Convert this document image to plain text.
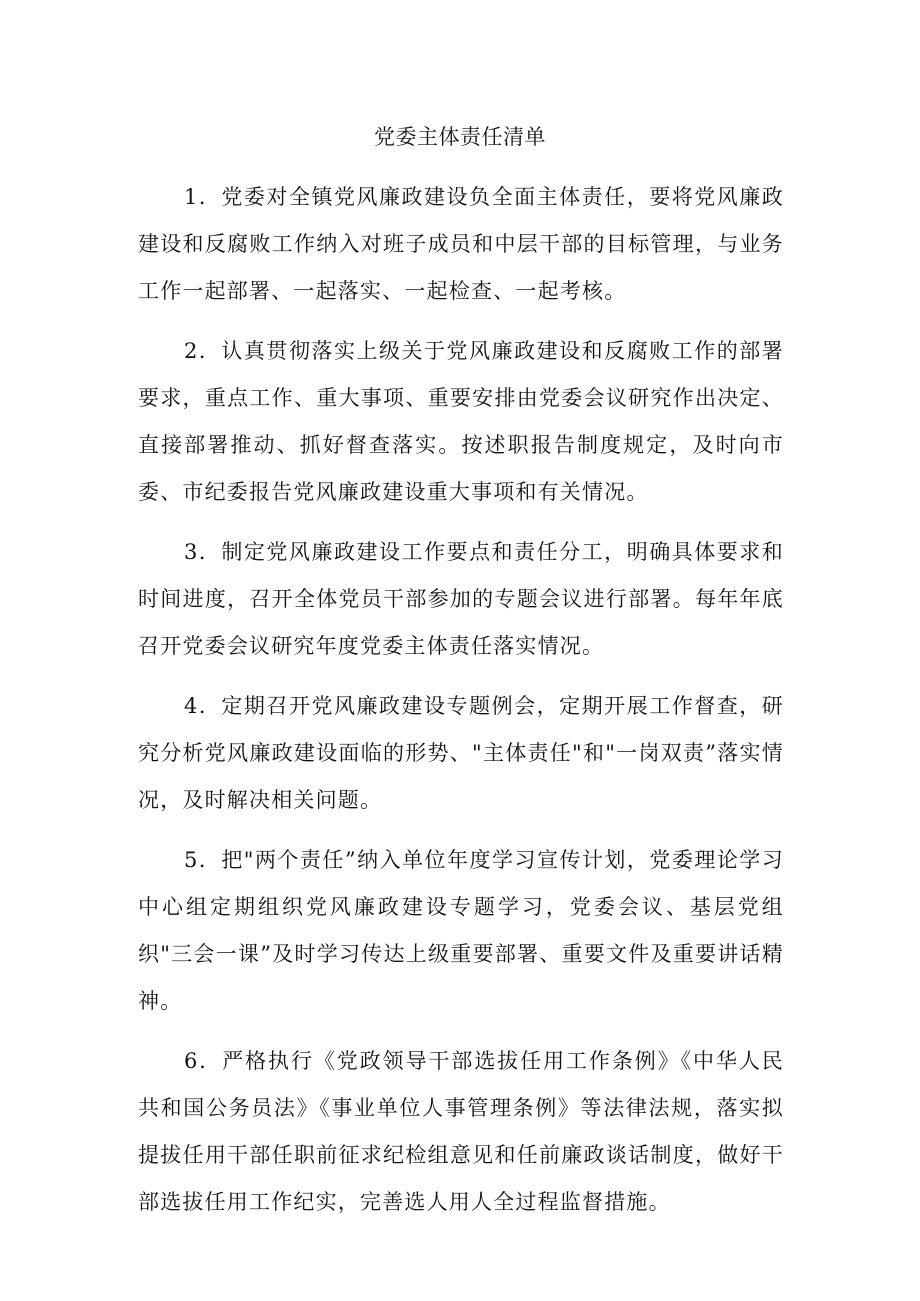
党委主体责任清单

1．党委对全镇党风廉政建设负全面主体责任，要将党风廉政建设和反腐败工作纳入对班子成员和中层干部的目标管理，与业务工作一起部署、一起落实、一起检查、一起考核。

2．认真贯彻落实上级关于党风廉政建设和反腐败工作的部署要求，重点工作、重大事项、重要安排由党委会议研究作出决定、直接部署推动、抓好督查落实。按述职报告制度规定，及时向市委、市纪委报告党风廉政建设重大事项和有关情况。

3．制定党风廉政建设工作要点和责任分工，明确具体要求和时间进度，召开全体党员干部参加的专题会议进行部署。每年年底召开党委会议研究年度党委主体责任落实情况。

4．定期召开党风廉政建设专题例会，定期开展工作督查，研究分析党风廉政建设面临的形势、"主体责任"和"一岗双责”落实情况，及时解决相关问题。

5．把"两个责任”纳入单位年度学习宣传计划，党委理论学习中心组定期组织党风廉政建设专题学习，党委会议、基层党组织"三会一课”及时学习传达上级重要部署、重要文件及重要讲话精神。

6．严格执行《党政领导干部选拔任用工作条例》《中华人民共和国公务员法》《事业单位人事管理条例》等法律法规，落实拟提拔任用干部任职前征求纪检组意见和任前廉政谈话制度，做好干部选拔任用工作纪实，完善选人用人全过程监督措施。
